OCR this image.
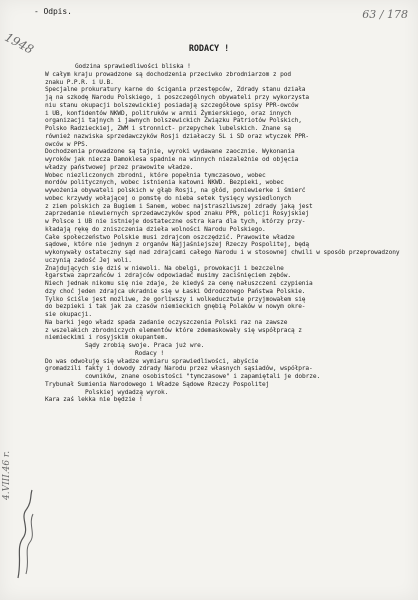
- Odpis.	63 / 178
1948	RODACY !
Godzina sprawiedliwości bliska !
W całym kraju prowadzone są dochodzenia przeciwko zbrodniarzom z pod
znaku P.P.R. i U.B.
Specjalne prokuratury karne do ścigania przestępców, Zdrady stanu działa
ją na szkodę Narodu Polskiego, i poszczególnych obywateli przy wykorzysta
niu stanu okupacji bolszewickiej posiadają szczegółowe spisy PPR-owców
i UB, konfidentów NKWD, politruków w armii Żymierskiego, oraz innych
organizacji tajnych i jawnych bolszewickich Związku Patriotów Polskich,
Polsko Radzieckiej, ZWM i stronnict- przepychek lubelskich. Znane są
również nazwiska sprzedawczyków Rosji działaczy SL i SD oraz wtyczek PPR-
owców w PPS.
Dochodzenia prowadzone są tajnie, wyroki wydawane zaocznie. Wykonania
wyroków jak niecza Damoklesa spadnie na winnych niezależnie od objęcia
władzy państwowej przez prawowite władze.
Wobec niezliczonych zbrodni, które popełnia tymczasowo, wobec
mordów politycznych, wobec istnienia katowni NKWD. Bezpieki, wobec
wywożenia obywateli polskich w głąb Rosji, na głód, poniewierke i śmierć
wobec krzywdy wołającej o pomstę do nieba setek tysięcy wysiedlonych
z ziem polskich za Bugiem i Sanem, wobec najstraszliwszej zdrady jaką jest
zaprzedanie niewiernych sprzedawczyków spod znaku PPR, policji Rosyjskiej
w Polsce i UB nie istnieje dostateczne ostra kara dla tych, którzy przy-
kładają rękę do zniszczenia dzieła wolności Narodu Polskiego.
Całe społeczeństwo Polskie musi zdrajcom oszczędzić. Prawowite władze
sądowe, które nie jednym z organów Najjaśniejszej Rzeczy Pospolitej, będą
wykonywały ostateczny sąd nad zdrajcami całego Narodu i w stosownej chwili w sposób przeprowadzony
uczynią zadość Jej woli.
Znajdujących się dziś w niewoli. Na obelgi, prowokacji i bezczelne
łgarstwa zaprzańców i zdrajców odpowiadać musimy zaciśnięciem zębów.
Niech jednak nikomu się nie zdaje, że kiedyś za cenę nałuszczeni czypienia
dzy choć jeden zdrajca ukradnie się w Łaski Odrodzonego Państwa Polskie.
Tylko ściśle jest możliwe, że gorliwszy i wolkeducztwie przyjmowałem się
do bezpieki i tak jak za czasów niemieckich gnębią Polaków w nowym okre-
sie okupacji.
Na barki jego władz spada zadanie oczyszczenia Polski raz na zawsze
z wszelakich zbrodniczych elementów które zdemaskowały się współpracą z
niemieckimi i rosyjskim okupantem.
Sądy zrobią swoje. Praca już wre.
Rodacy !
Do was odwołuję się władze wymiaru sprawiedliwości, abyście
gromadzili fakty i dowody zdrady Narodu przez własnych sąsiadów, współpra-
cowników, znane osobistości "tymczasowe" i zapamiętali je dobrze.
Trybunał Sumienia Narodowego i Władze Sądowe Rzeczy Pospolitej
Polskiej wydadzą wyrok.
Kara zaś lekka nie będzie !
4.VIII.46 r.
